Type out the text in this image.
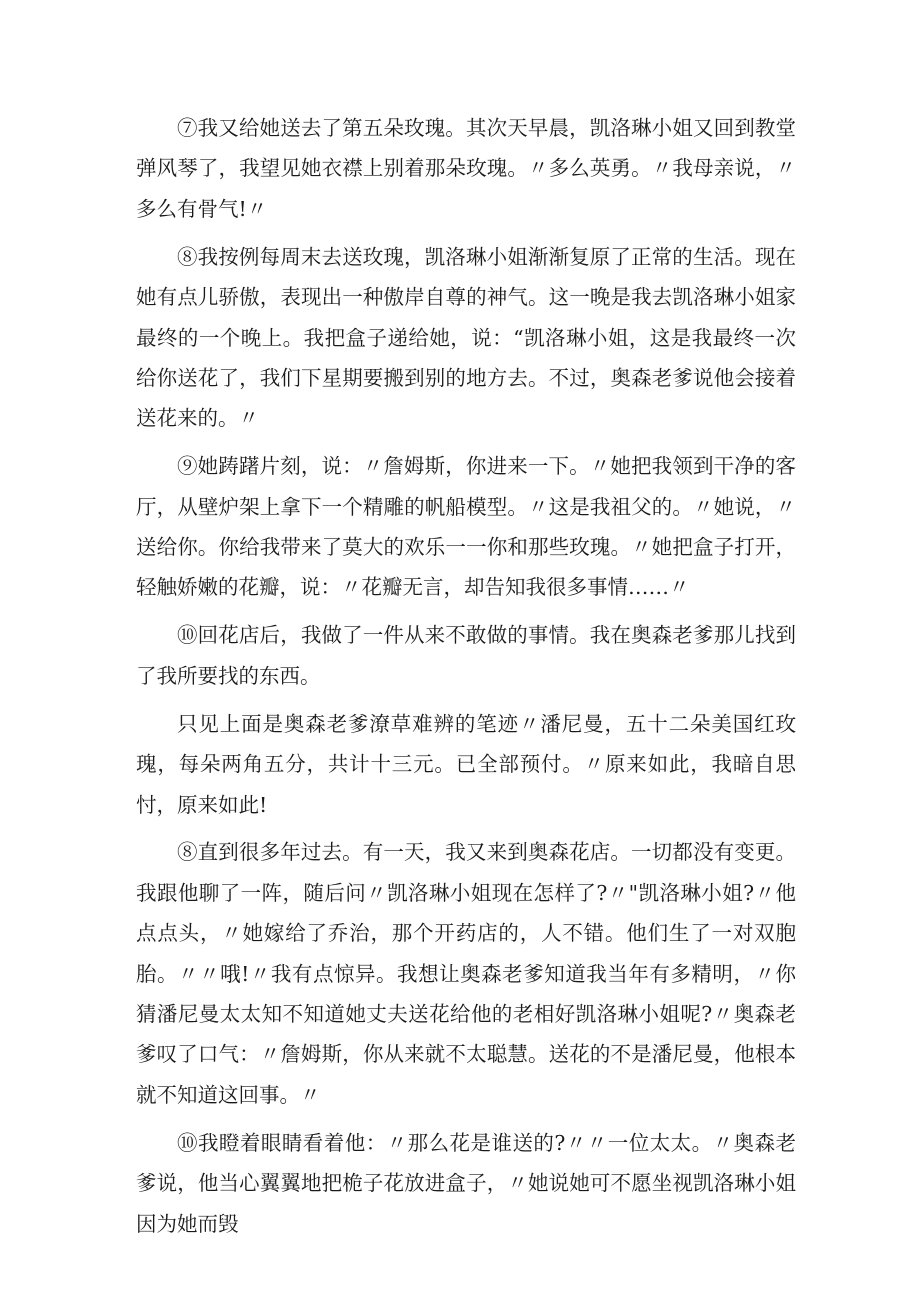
⑦我又给她送去了第五朵玫瑰。其次天早晨，凯洛琳小姐又回到教堂弹风琴了，我望见她衣襟上别着那朵玫瑰。〃多么英勇。〃我母亲说，〃多么有骨气!〃

⑧我按例每周末去送玫瑰，凯洛琳小姐渐渐复原了正常的生活。现在她有点儿骄傲，表现出一种傲岸自尊的神气。这一晚是我去凯洛琳小姐家最终的一个晚上。我把盒子递给她，说：“凯洛琳小姐，这是我最终一次给你送花了，我们下星期要搬到别的地方去。不过，奥森老爹说他会接着送花来的。〃

⑨她踌躇片刻，说：〃詹姆斯，你进来一下。〃她把我领到干净的客厅，从壁炉架上拿下一个精雕的帆船模型。〃这是我祖父的。〃她说，〃送给你。你给我带来了莫大的欢乐一一你和那些玫瑰。〃她把盒子打开，轻触娇嫩的花瓣，说：〃花瓣无言，却告知我很多事情……〃

⑩回花店后，我做了一件从来不敢做的事情。我在奥森老爹那儿找到了我所要找的东西。

只见上面是奥森老爹潦草难辨的笔迹〃潘尼曼，五十二朵美国红玫瑰，每朵两角五分，共计十三元。已全部预付。〃原来如此，我暗自思忖，原来如此!

⑧直到很多年过去。有一天，我又来到奥森花店。一切都没有变更。我跟他聊了一阵，随后问〃凯洛琳小姐现在怎样了?〃"凯洛琳小姐?〃他点点头，〃她嫁给了乔治，那个开药店的，人不错。他们生了一对双胞胎。〃〃哦!〃我有点惊异。我想让奥森老爹知道我当年有多精明，〃你猜潘尼曼太太知不知道她丈夫送花给他的老相好凯洛琳小姐呢?〃奥森老爹叹了口气：〃詹姆斯，你从来就不太聪慧。送花的不是潘尼曼，他根本就不知道这回事。〃

⑩我瞪着眼睛看着他：〃那么花是谁送的?〃〃一位太太。〃奥森老爹说，他当心翼翼地把桅子花放进盒子，〃她说她可不愿坐视凯洛琳小姐因为她而毁
